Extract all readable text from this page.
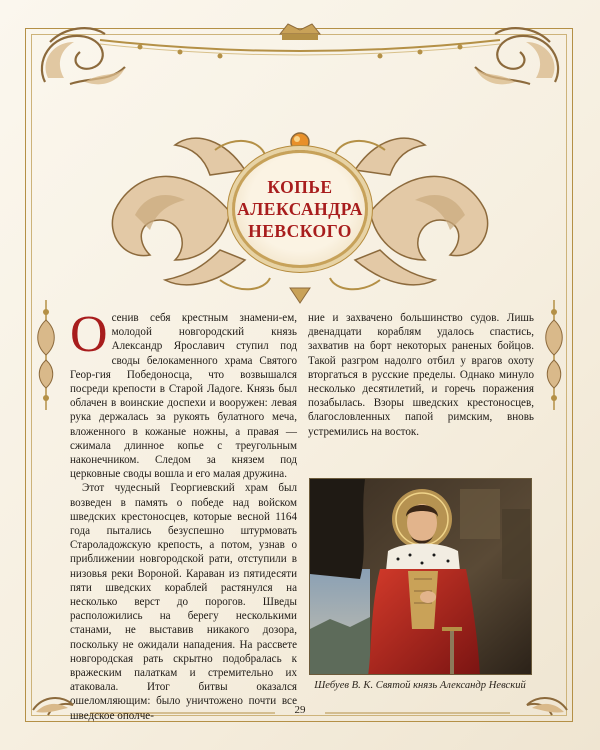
КОПЬЕ
АЛЕКСАНДРА
НЕВСКОГО

Осенив себя крестным знамени-ем, молодой новгородский князь Александр Ярославич ступил под своды белокаменного храма Святого Геор-гия Победоносца, что возвышался посреди крепости в Старой Ладоге. Князь был облачен в воинские доспехи и вооружен: левая рука держалась за рукоять булатного меча, вложенного в кожаные ножны, а правая — сжимала длинное копье с треугольным наконечником. Следом за князем под церковные своды вошла и его малая дружина.

Этот чудесный Георгиевский храм был возведен в память о победе над войском шведских крестоносцев, которые весной 1164 года пытались безуспешно штурмовать Староладожскую крепость, а потом, узнав о приближении новгородской рати, отступили в низовья реки Вороной. Караван из пятидесяти пяти шведских кораблей растянулся на несколько верст до порогов. Шведы расположились на берегу несколькими станами, не выставив никакого дозора, поскольку не ожидали нападения. На рассвете новгородская рать скрытно подобралась к вражеским палаткам и стремительно их атаковала. Итог битвы оказался ошеломляющим: было уничтожено почти все шведское ополче-

ние и захвачено большинство судов. Лишь двенадцати кораблям удалось спастись, захватив на борт некоторых раненых бойцов. Такой разгром надолго отбил у врагов охоту вторгаться в русские пределы. Однако минуло несколько десятилетий, и горечь поражения позабылась. Взоры шведских крестоносцев, благословленных папой римским, вновь устремились на восток.

Шебуев В. К. Святой князь Александр Невский
29
